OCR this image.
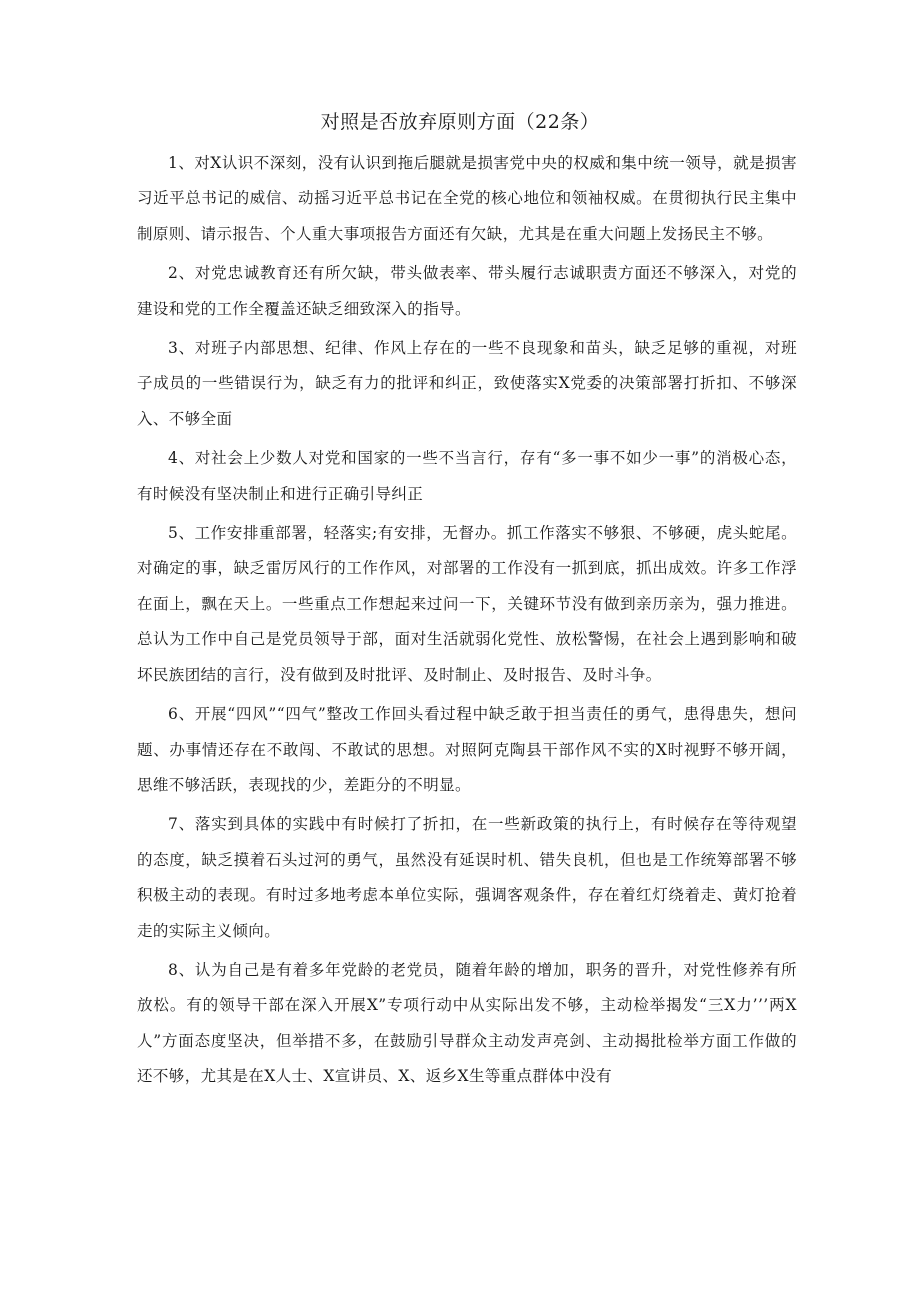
对照是否放弃原则方面（22条）

1、对X认识不深刻，没有认识到拖后腿就是损害党中央的权威和集中统一领导，就是损害习近平总书记的威信、动摇习近平总书记在全党的核心地位和领袖权威。在贯彻执行民主集中制原则、请示报告、个人重大事项报告方面还有欠缺，尤其是在重大问题上发扬民主不够。

2、对党忠诚教育还有所欠缺，带头做表率、带头履行志诚职责方面还不够深入，对党的建设和党的工作全覆盖还缺乏细致深入的指导。

3、对班子内部思想、纪律、作风上存在的一些不良现象和苗头，缺乏足够的重视，对班子成员的一些错误行为，缺乏有力的批评和纠正，致使落实X党委的决策部署打折扣、不够深入、不够全面

4、对社会上少数人对党和国家的一些不当言行，存有“多一事不如少一事”的消极心态，有时候没有坚决制止和进行正确引导纠正

5、工作安排重部署，轻落实;有安排，无督办。抓工作落实不够狠、不够硬，虎头蛇尾。对确定的事，缺乏雷厉风行的工作作风，对部署的工作没有一抓到底，抓出成效。许多工作浮在面上，飘在天上。一些重点工作想起来过问一下，关键环节没有做到亲历亲为，强力推进。总认为工作中自己是党员领导于部，面对生活就弱化党性、放松警惕，在社会上遇到影响和破坏民族团结的言行，没有做到及时批评、及时制止、及时报告、及时斗争。

6、开展“四风”“四气”整改工作回头看过程中缺乏敢于担当责任的勇气，患得患失，想问题、办事情还存在不敢闯、不敢试的思想。对照阿克陶县干部作风不实的X时视野不够开阔，思维不够活跃，表现找的少，差距分的不明显。

7、落实到具体的实践中有时候打了折扣，在一些新政策的执行上，有时候存在等待观望的态度，缺乏摸着石头过河的勇气，虽然没有延误时机、错失良机，但也是工作统筹部署不够积极主动的表现。有时过多地考虑本单位实际，强调客观条件，存在着红灯绕着走、黄灯抢着走的实际主义倾向。

8、认为自己是有着多年党龄的老党员，随着年龄的增加，职务的晋升，对党性修养有所放松。有的领导干部在深入开展X”专项行动中从实际出发不够，主动检举揭发“三X力’’’两X人”方面态度坚决，但举措不多，在鼓励引导群众主动发声亮剑、主动揭批检举方面工作做的还不够，尤其是在X人士、X宣讲员、X、返乡X生等重点群体中没有
